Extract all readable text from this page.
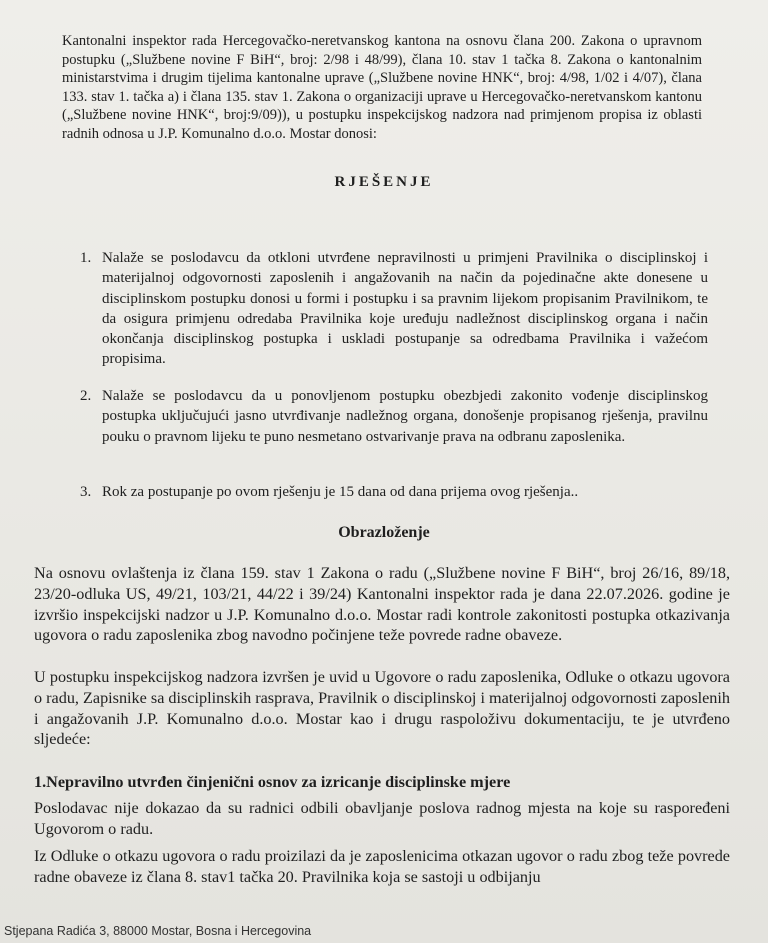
Kantonalni inspektor rada Hercegovačko-neretvanskog kantona na osnovu člana 200. Zakona o upravnom postupku („Službene novine F BiH“, broj: 2/98 i 48/99), člana 10. stav 1 tačka 8. Zakona o kantonalnim ministarstvima i drugim tijelima kantonalne uprave („Službene novine HNK“, broj: 4/98, 1/02 i 4/07), člana 133. stav 1. tačka a) i člana 135. stav 1. Zakona o organizaciji uprave u Hercegovačko-neretvanskom kantonu („Službene novine HNK“, broj:9/09)), u postupku inspekcijskog nadzora nad primjenom propisa iz oblasti radnih odnosa u J.P. Komunalno d.o.o. Mostar donosi:

RJEŠENJE
1. Nalaže se poslodavcu da otkloni utvrđene nepravilnosti u primjeni Pravilnika o disciplinskoj i materijalnoj odgovornosti zaposlenih i angažovanih na način da pojedinačne akte donesene u disciplinskom postupku donosi u formi i postupku i sa pravnim lijekom propisanim Pravilnikom, te da osigura primjenu odredaba Pravilnika koje uređuju nadležnost disciplinskog organa i način okončanja disciplinskog postupka i uskladi postupanje sa odredbama Pravilnika i važećom propisima.
2. Nalaže se poslodavcu da u ponovljenom postupku obezbjedi zakonito vođenje disciplinskog postupka uključujući jasno utvrđivanje nadležnog organa, donošenje propisanog rješenja, pravilnu pouku o pravnom lijeku te puno nesmetano ostvarivanje prava na odbranu zaposlenika.
3. Rok za postupanje po ovom rješenju je 15 dana od dana prijema ovog rješenja..
Obrazloženje

Na osnovu ovlaštenja iz člana 159. stav 1 Zakona o radu („Službene novine F BiH“, broj 26/16, 89/18, 23/20-odluka US, 49/21, 103/21, 44/22 i 39/24) Kantonalni inspektor rada je dana 22.07.2026. godine je izvršio inspekcijski nadzor u J.P. Komunalno d.o.o. Mostar radi kontrole zakonitosti postupka otkazivanja ugovora o radu zaposlenika zbog navodno počinjene teže povrede radne obaveze.

U postupku inspekcijskog nadzora izvršen je uvid u Ugovore o radu zaposlenika, Odluke o otkazu ugovora o radu, Zapisnike sa disciplinskih rasprava, Pravilnik o disciplinskoj i materijalnoj odgovornosti zaposlenih i angažovanih J.P. Komunalno d.o.o. Mostar kao i drugu raspoloživu dokumentaciju, te je utvrđeno sljedeće:

1.Nepravilno utvrđen činjenični osnov za izricanje disciplinske mjere

Poslodavac nije dokazao da su radnici odbili obavljanje poslova radnog mjesta na koje su raspoređeni Ugovorom o radu.

Iz Odluke o otkazu ugovora o radu proizilazi da je zaposlenicima otkazan ugovor o radu zbog teže povrede radne obaveze iz člana 8. stav1 tačka 20. Pravilnika koja se sastoji u odbijanju

Stjepana Radića 3, 88000 Mostar, Bosna i Hercegovina
